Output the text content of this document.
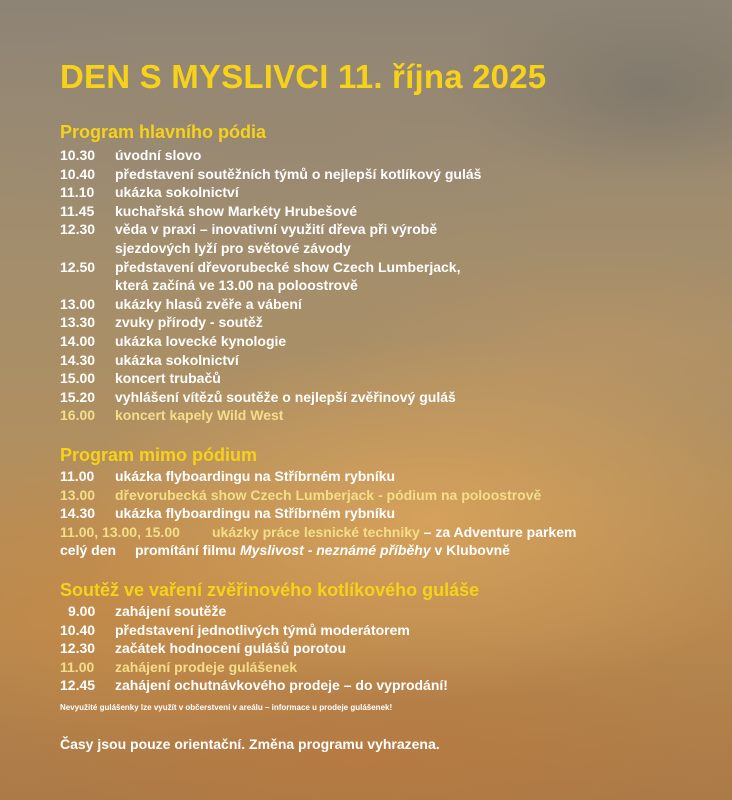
DEN S MYSLIVCI 11. října 2025
Program hlavního pódia
10.30	úvodní slovo
10.40	představení soutěžních týmů o nejlepší kotlíkový guláš
11.10	ukázka sokolnictví
11.45	kuchařská show Markéty Hrubešové
12.30	věda v praxi – inovativní využití dřeva při výrobě
sjezdových lyží pro světové závody
12.50	představení dřevorubecké show Czech Lumberjack,
která začíná ve 13.00 na poloostrově
13.00	ukázky hlasů zvěře a vábení
13.30	zvuky přírody - soutěž
14.00	ukázka lovecké kynologie
14.30	ukázka sokolnictví
15.00	koncert trubačů
15.20	vyhlášení vítězů soutěže o nejlepší zvěřinový guláš
16.00	koncert kapely Wild West
Program mimo pódium
11.00	ukázka flyboardingu na Stříbrném rybníku
13.00	dřevorubecká show Czech Lumberjack - pódium na poloostrově
14.30	ukázka flyboardingu na Stříbrném rybníku
11.00, 13.00, 15.00	ukázky práce lesnické techniky – za Adventure parkem
celý den	promítání filmu Myslivost - neznámé příběhy v Klubovně
Soutěž ve vaření zvěřinového kotlíkového guláše
9.00	zahájení soutěže
10.40	představení jednotlivých týmů moderátorem
12.30	začátek hodnocení gulášů porotou
11.00	zahájení prodeje gulášenek
12.45	zahájení ochutnávkového prodeje – do vyprodání!

Nevyužité gulášenky lze využít v občerstvení v areálu – informace u prodeje gulášenek!

Časy jsou pouze orientační. Změna programu vyhrazena.
